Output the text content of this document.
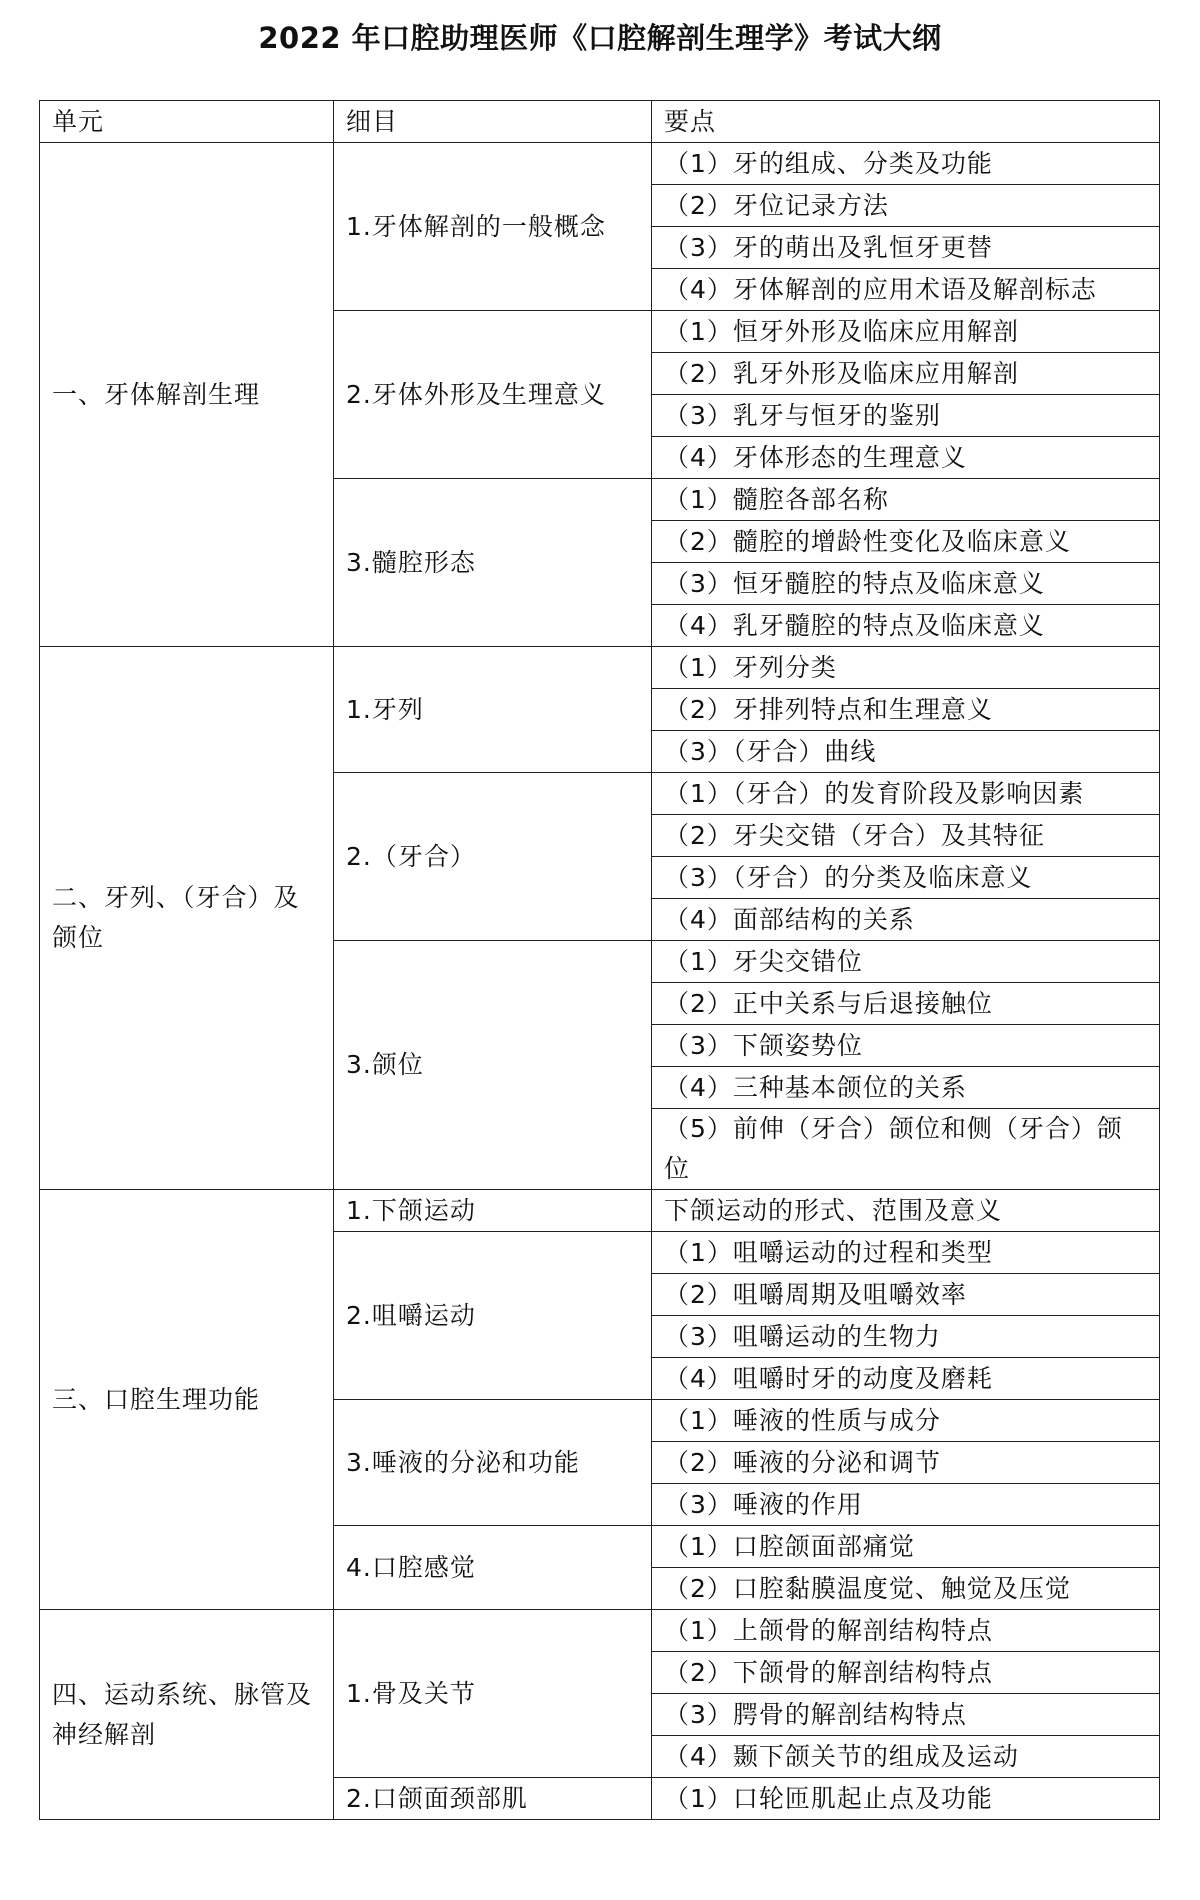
2022 年口腔助理医师《口腔解剖生理学》考试大纲
单元	细目	要点
一、牙体解剖生理	1.牙体解剖的一般概念	（1）牙的组成、分类及功能
		（2）牙位记录方法
		（3）牙的萌出及乳恒牙更替
		（4）牙体解剖的应用术语及解剖标志
	2.牙体外形及生理意义	（1）恒牙外形及临床应用解剖
		（2）乳牙外形及临床应用解剖
		（3）乳牙与恒牙的鉴别
		（4）牙体形态的生理意义
	3.髓腔形态	（1）髓腔各部名称
		（2）髓腔的增龄性变化及临床意义
		（3）恒牙髓腔的特点及临床意义
		（4）乳牙髓腔的特点及临床意义
二、牙列、（牙合）及颌位	1.牙列	（1）牙列分类
		（2）牙排列特点和生理意义
		（3）（牙合）曲线
	2.（牙合）	（1）（牙合）的发育阶段及影响因素
		（2）牙尖交错（牙合）及其特征
		（3）（牙合）的分类及临床意义
		（4）面部结构的关系
	3.颌位	（1）牙尖交错位
		（2）正中关系与后退接触位
		（3）下颌姿势位
		（4）三种基本颌位的关系
		（5）前伸（牙合）颌位和侧（牙合）颌位
三、口腔生理功能	1.下颌运动	下颌运动的形式、范围及意义
	2.咀嚼运动	（1）咀嚼运动的过程和类型
		（2）咀嚼周期及咀嚼效率
		（3）咀嚼运动的生物力
		（4）咀嚼时牙的动度及磨耗
	3.唾液的分泌和功能	（1）唾液的性质与成分
		（2）唾液的分泌和调节
		（3）唾液的作用
	4.口腔感觉	（1）口腔颌面部痛觉
		（2）口腔黏膜温度觉、触觉及压觉
四、运动系统、脉管及神经解剖	1.骨及关节	（1）上颌骨的解剖结构特点
		（2）下颌骨的解剖结构特点
		（3）腭骨的解剖结构特点
		（4）颞下颌关节的组成及运动
	2.口颌面颈部肌	（1）口轮匝肌起止点及功能
